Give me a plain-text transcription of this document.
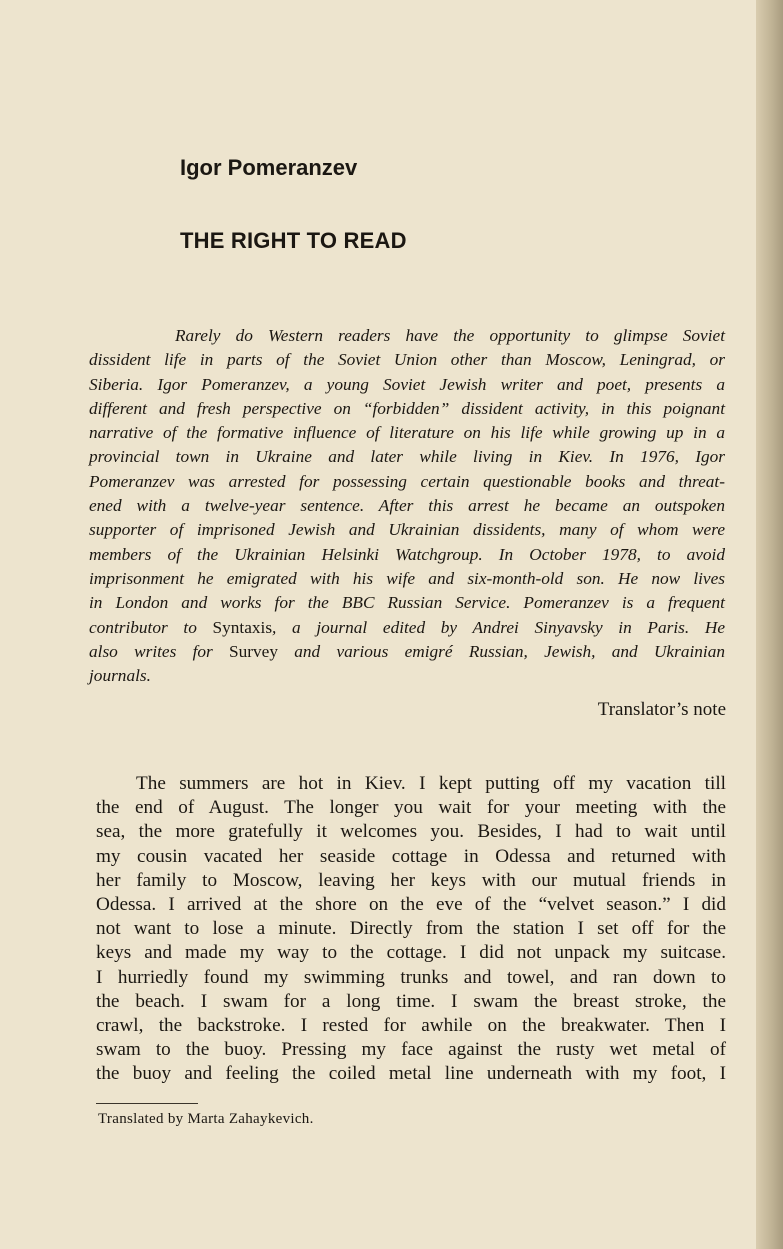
Igor Pomeranzev
THE RIGHT TO READ
Rarely do Western readers have the opportunity to glimpse Soviet
dissident life in parts of the Soviet Union other than Moscow, Leningrad, or
Siberia. Igor Pomeranzev, a young Soviet Jewish writer and poet, presents a
different and fresh perspective on “forbidden” dissident activity, in this poignant
narrative of the formative influence of literature on his life while growing up in a
provincial town in Ukraine and later while living in Kiev. In 1976, Igor
Pomeranzev was arrested for possessing certain questionable books and threat-
ened with a twelve-year sentence. After this arrest he became an outspoken
supporter of imprisoned Jewish and Ukrainian dissidents, many of whom were
members of the Ukrainian Helsinki Watchgroup. In October 1978, to avoid
imprisonment he emigrated with his wife and six-month-old son. He now lives
in London and works for the BBC Russian Service. Pomeranzev is a frequent
contributor to Syntaxis, a journal edited by Andrei Sinyavsky in Paris. He
also writes for Survey and various emigré Russian, Jewish, and Ukrainian
journals.
Translator’s note
The summers are hot in Kiev. I kept putting off my vacation till
the end of August. The longer you wait for your meeting with the
sea, the more gratefully it welcomes you. Besides, I had to wait until
my cousin vacated her seaside cottage in Odessa and returned with
her family to Moscow, leaving her keys with our mutual friends in
Odessa. I arrived at the shore on the eve of the “velvet season.” I did
not want to lose a minute. Directly from the station I set off for the
keys and made my way to the cottage. I did not unpack my suitcase.
I hurriedly found my swimming trunks and towel, and ran down to
the beach. I swam for a long time. I swam the breast stroke, the
crawl, the backstroke. I rested for awhile on the breakwater. Then I
swam to the buoy. Pressing my face against the rusty wet metal of
the buoy and feeling the coiled metal line underneath with my foot, I
Translated by Marta Zahaykevich.
